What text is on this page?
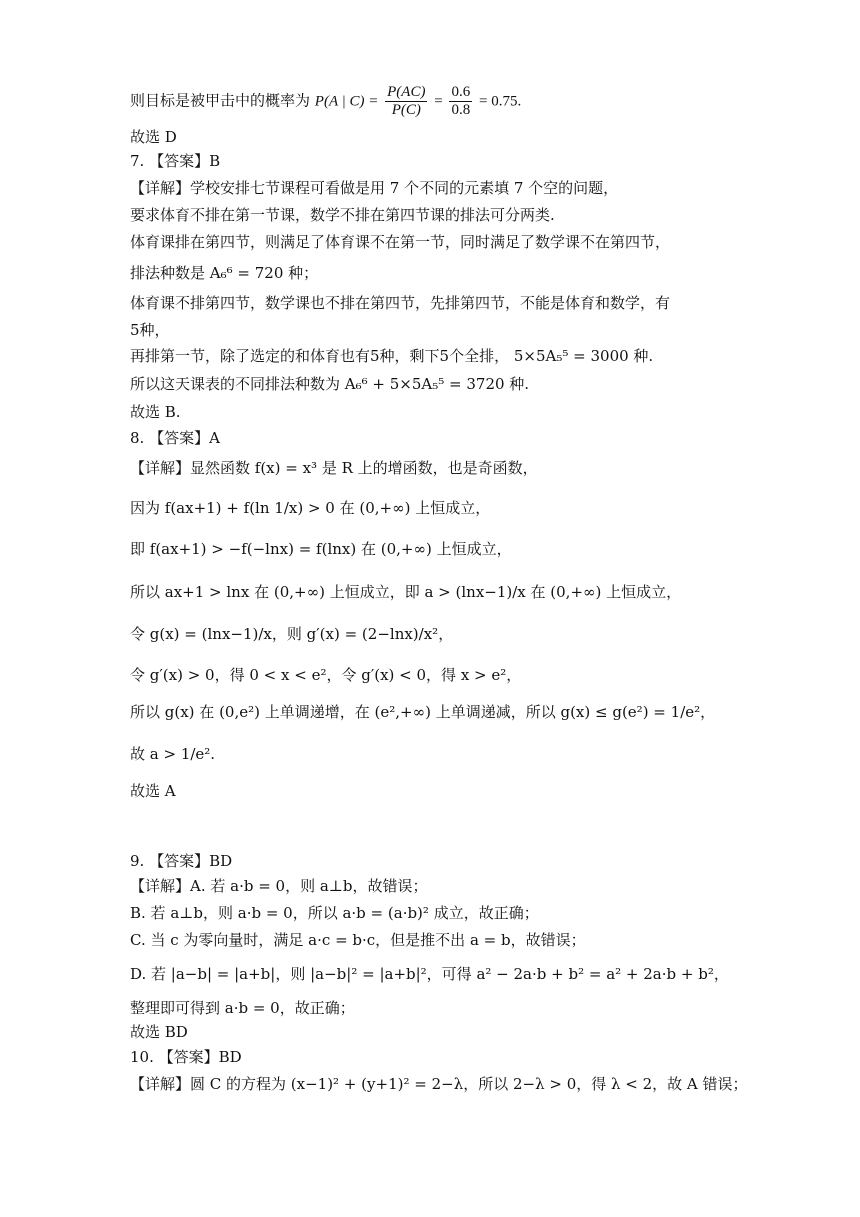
则目标是被甲击中的概率为 P(A | $C) = \frac{P(AC)}{P(C)} = \frac{0.6}{0.8} = 0.75$.
故选 D
7. 【答案】B
【详解】学校安排七节课程可看做是用 7 个不同的元素填 7 个空的问题，
要求体育不排在第一节课，数学不排在第四节课的排法可分两类.
体育课排在第四节，则满足了体育课不在第一节，同时满足了数学课不在第四节，
排法种数是 A₆⁶ = 720 种；
体育课不排第四节，数学课也不排在第四节，先排第四节，不能是体育和数学，有
5种，
再排第一节，除了选定的和体育也有5种，剩下5个全排， 5×5A₅⁵ = 3000 种.
所以这天课表的不同排法种数为 A₆⁶ + 5×5A₅⁵ = 3720 种.
故选 B.
8. 【答案】A
【详解】显然函数 f(x) = x³ 是 R 上的增函数，也是奇函数，
因为 f(ax+1) + f(ln 1/x) > 0 在 (0,+∞) 上恒成立，
即 f(ax+1) > −f(−lnx) = f(lnx) 在 (0,+∞) 上恒成立，
所以 ax+1 > lnx 在 (0,+∞) 上恒成立，即 a > (lnx−1)/x 在 (0,+∞) 上恒成立，
令 g(x) = (lnx−1)/x，则 g′(x) = (2−lnx)/x²，
令 g′(x) > 0，得 0 < x < e²，令 g′(x) < 0，得 x > e²，
所以 g(x) 在 (0,e²) 上单调递增，在 (e²,+∞) 上单调递减，所以 g(x) ≤ g(e²) = 1/e²，
故 a > 1/e².
故选 A
9. 【答案】BD
【详解】A. 若 a·b = 0，则 a⊥b，故错误；
B. 若 a⊥b，则 a·b = 0，所以 a·b = (a·b)² 成立，故正确；
C. 当 c 为零向量时，满足 a·c = b·c，但是推不出 a = b，故错误；
D. 若 |a−b| = |a+b|，则 |a−b|² = |a+b|²，可得 a² − 2a·b + b² = a² + 2a·b + b²，
整理即可得到 a·b = 0，故正确；
故选 BD
10. 【答案】BD
【详解】圆 C 的方程为 (x−1)² + (y+1)² = 2−λ，所以 2−λ > 0，得 λ < 2，故 A 错误；
